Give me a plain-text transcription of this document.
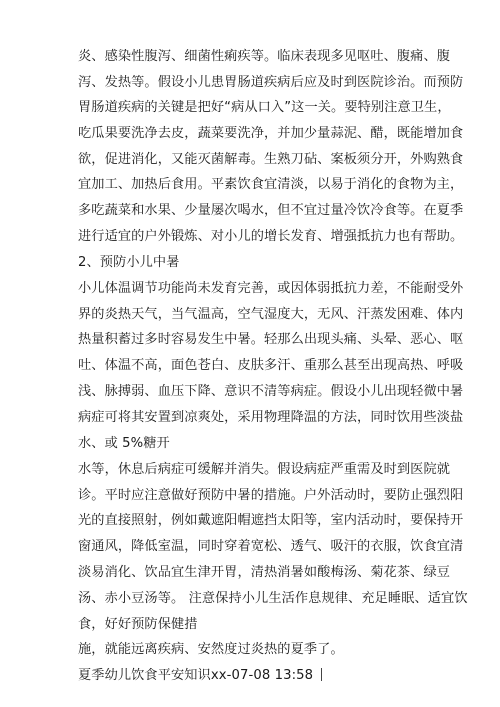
炎、感染性腹泻、细菌性痢疾等。临床表现多见呕吐、腹痛、腹
泻、发热等。假设小儿患胃肠道疾病后应及时到医院诊治。而预防
胃肠道疾病的关键是把好“病从口入”这一关。要特别注意卫生，
吃瓜果要洗净去皮，蔬菜要洗净，并加少量蒜泥、醋，既能增加食
欲，促进消化，又能灭菌解毒。生熟刀砧、案板须分开，外购熟食
宜加工、加热后食用。平素饮食宜清淡，以易于消化的食物为主，
多吃蔬菜和水果、少量屡次喝水，但不宜过量冷饮冷食等。在夏季
进行适宜的户外锻炼、对小儿的增长发育、增强抵抗力也有帮助。
2、预防小儿中暑
小儿体温调节功能尚未发育完善，或因体弱抵抗力差，不能耐受外
界的炎热天气，当气温高，空气湿度大，无风、汗蒸发困难、体内
热量积蓄过多时容易发生中暑。轻那么出现头痛、头晕、恶心、呕
吐、体温不高，面色苍白、皮肤多汗、重那么甚至出现高热、呼吸
浅、脉搏弱、血压下降、意识不清等病症。假设小儿出现轻微中暑
病症可将其安置到凉爽处，采用物理降温的方法，同时饮用些淡盐
水、或 5%糖开
水等，休息后病症可缓解并消失。假设病症严重需及时到医院就
诊。平时应注意做好预防中暑的措施。户外活动时，要防止强烈阳
光的直接照射，例如戴遮阳帽遮挡太阳等，室内活动时，要保持开
窗通风，降低室温，同时穿着宽松、透气、吸汗的衣服，饮食宜清
淡易消化、饮品宜生津开胃，清热消暑如酸梅汤、菊花茶、绿豆
汤、赤小豆汤等。 注意保持小儿生活作息规律、充足睡眠、适宜饮
食，好好预防保健措
施，就能远离疾病、安然度过炎热的夏季了。
夏季幼儿饮食平安知识xx-07-08 13:58
